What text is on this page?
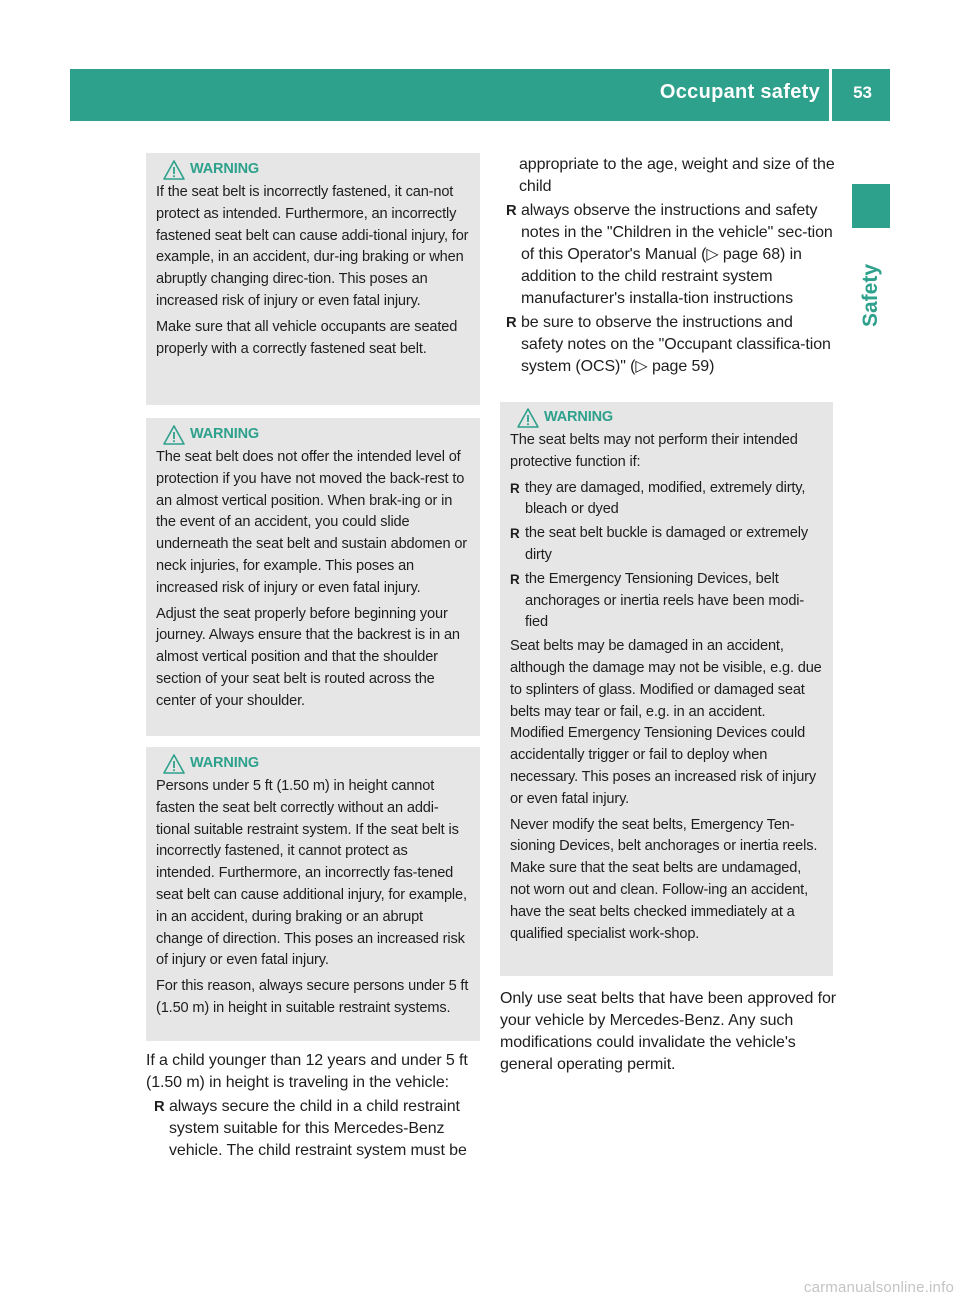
Occupant safety 53
Safety
WARNING

If the seat belt is incorrectly fastened, it can-not protect as intended. Furthermore, an incorrectly fastened seat belt can cause addi-tional injury, for example, in an accident, dur-ing braking or when abruptly changing direc-tion. This poses an increased risk of injury or even fatal injury.

Make sure that all vehicle occupants are seated properly with a correctly fastened seat belt.

WARNING

The seat belt does not offer the intended level of protection if you have not moved the back-rest to an almost vertical position. When brak-ing or in the event of an accident, you could slide underneath the seat belt and sustain abdomen or neck injuries, for example. This poses an increased risk of injury or even fatal injury.

Adjust the seat properly before beginning your journey. Always ensure that the backrest is in an almost vertical position and that the shoulder section of your seat belt is routed across the center of your shoulder.

WARNING

Persons under 5 ft (1.50 m) in height cannot fasten the seat belt correctly without an addi-tional suitable restraint system. If the seat belt is incorrectly fastened, it cannot protect as intended. Furthermore, an incorrectly fas-tened seat belt can cause additional injury, for example, in an accident, during braking or an abrupt change of direction. This poses an increased risk of injury or even fatal injury.

For this reason, always secure persons under 5 ft (1.50 m) in height in suitable restraint systems.

If a child younger than 12 years and under 5 ft (1.50 m) in height is traveling in the vehicle:

R always secure the child in a child restraint system suitable for this Mercedes-Benz vehicle. The child restraint system must be

appropriate to the age, weight and size of the child

R always observe the instructions and safety notes in the "Children in the vehicle" sec-tion of this Operator's Manual (▷ page 68) in addition to the child restraint system manufacturer's installa-tion instructions
R be sure to observe the instructions and safety notes on the "Occupant classifica-tion system (OCS)" (▷ page 59)
WARNING

The seat belts may not perform their intended protective function if:

R they are damaged, modified, extremely dirty, bleach or dyed
R the seat belt buckle is damaged or extremely dirty
R the Emergency Tensioning Devices, belt anchorages or inertia reels have been modi-fied

Seat belts may be damaged in an accident, although the damage may not be visible, e.g. due to splinters of glass. Modified or damaged seat belts may tear or fail, e.g. in an accident. Modified Emergency Tensioning Devices could accidentally trigger or fail to deploy when necessary. This poses an increased risk of injury or even fatal injury.

Never modify the seat belts, Emergency Ten-sioning Devices, belt anchorages or inertia reels. Make sure that the seat belts are undamaged, not worn out and clean. Follow-ing an accident, have the seat belts checked immediately at a qualified specialist work-shop.

Only use seat belts that have been approved for your vehicle by Mercedes-Benz. Any such modifications could invalidate the vehicle's general operating permit.
carmanualsonline.info
